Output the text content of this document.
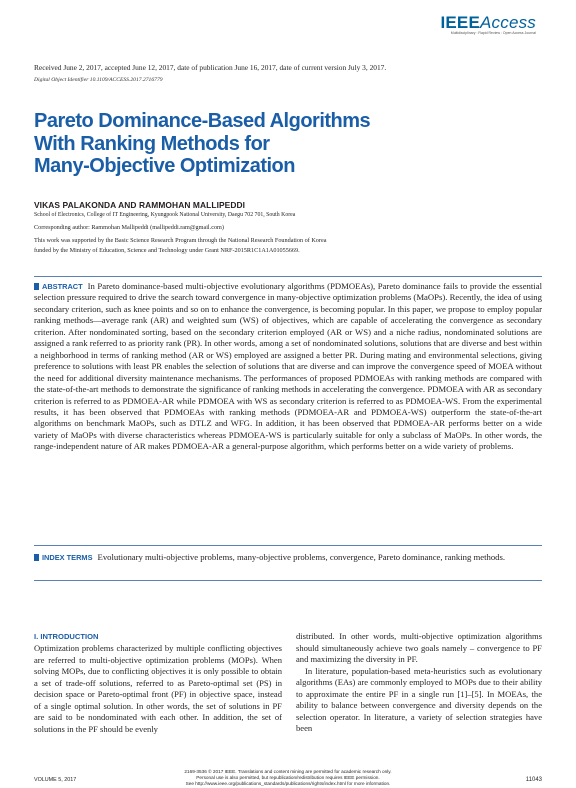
IEEEAccess
Multidisciplinary : Rapid Review : Open Access Journal
Received June 2, 2017, accepted June 12, 2017, date of publication June 16, 2017, date of current version July 3, 2017.
Digital Object Identifier 10.1109/ACCESS.2017.2716779
Pareto Dominance-Based Algorithms
With Ranking Methods for
Many-Objective Optimization
VIKAS PALAKONDA AND RAMMOHAN MALLIPEDDI
School of Electronics, College of IT Engineering, Kyungpook National University, Daegu 702 701, South Korea
Corresponding author: Rammohan Mallipeddi (mallipeddi.ram@gmail.com)
This work was supported by the Basic Science Research Program through the National Research Foundation of Korea
funded by the Ministry of Education, Science and Technology under Grant NRF-2015R1C1A1A01055669.
ABSTRACT In Pareto dominance-based multi-objective evolutionary algorithms (PDMOEAs), Pareto dominance fails to provide the essential selection pressure required to drive the search toward convergence in many-objective optimization problems (MaOPs). Recently, the idea of using secondary criterion, such as knee points and so on to enhance the convergence, is becoming popular. In this paper, we propose to employ popular ranking methods—average rank (AR) and weighted sum (WS) of objectives, which are capable of accelerating the convergence as secondary criterion. After nondominated sorting, based on the secondary criterion employed (AR or WS) and a niche radius, nondominated solutions are assigned a rank referred to as priority rank (PR). In other words, among a set of nondominated solutions, solutions that are diverse and best within a neighborhood in terms of ranking method (AR or WS) employed are assigned a better PR. During mating and environmental selections, giving preference to solutions with least PR enables the selection of solutions that are diverse and can improve the convergence speed of MOEA without the need for additional diversity maintenance mechanisms. The performances of proposed PDMOEAs with ranking methods are compared with the state-of-the-art methods to demonstrate the significance of ranking methods in accelerating the convergence. PDMOEA with AR as secondary criterion is referred to as PDMOEA-AR while PDMOEA with WS as secondary criterion is referred to as PDMOEA-WS. From the experimental results, it has been observed that PDMOEAs with ranking methods (PDMOEA-AR and PDMOEA-WS) outperform the state-of-the-art algorithms on benchmark MaOPs, such as DTLZ and WFG. In addition, it has been observed that PDMOEA-AR performs better on a wide variety of MaOPs with diverse characteristics whereas PDMOEA-WS is particularly suitable for only a subclass of MaOPs. In other words, the range-independent nature of AR makes PDMOEA-AR a general-purpose algorithm, which performs better on a wide variety of problems.
INDEX TERMS Evolutionary multi-objective problems, many-objective problems, convergence, Pareto dominance, ranking methods.
I. INTRODUCTION

Optimization problems characterized by multiple conflicting objectives are referred to multi-objective optimization problems (MOPs). When solving MOPs, due to conflicting objectives it is only possible to obtain a set of trade-off solutions, referred to as Pareto-optimal set (PS) in decision space or Pareto-optimal front (PF) in objective space, instead of a single optimal solution. In other words, the set of solutions in PF are said to be nondominated with each other. In addition, the set of solutions in the PF should be evenly

distributed. In other words, multi-objective optimization algorithms should simultaneously achieve two goals namely – convergence to PF and maximizing the diversity in PF.

In literature, population-based meta-heuristics such as evolutionary algorithms (EAs) are commonly employed to MOPs due to their ability to approximate the entire PF in a single run [1]–[5]. In MOEAs, the ability to balance between convergence and diversity depends on the selection operator. In literature, a variety of selection strategies have been

VOLUME 5, 2017
2169-3536 © 2017 IEEE. Translations and content mining are permitted for academic research only.
Personal use is also permitted, but republication/redistribution requires IEEE permission.
See http://www.ieee.org/publications_standards/publications/rights/index.html for more information.
11043
